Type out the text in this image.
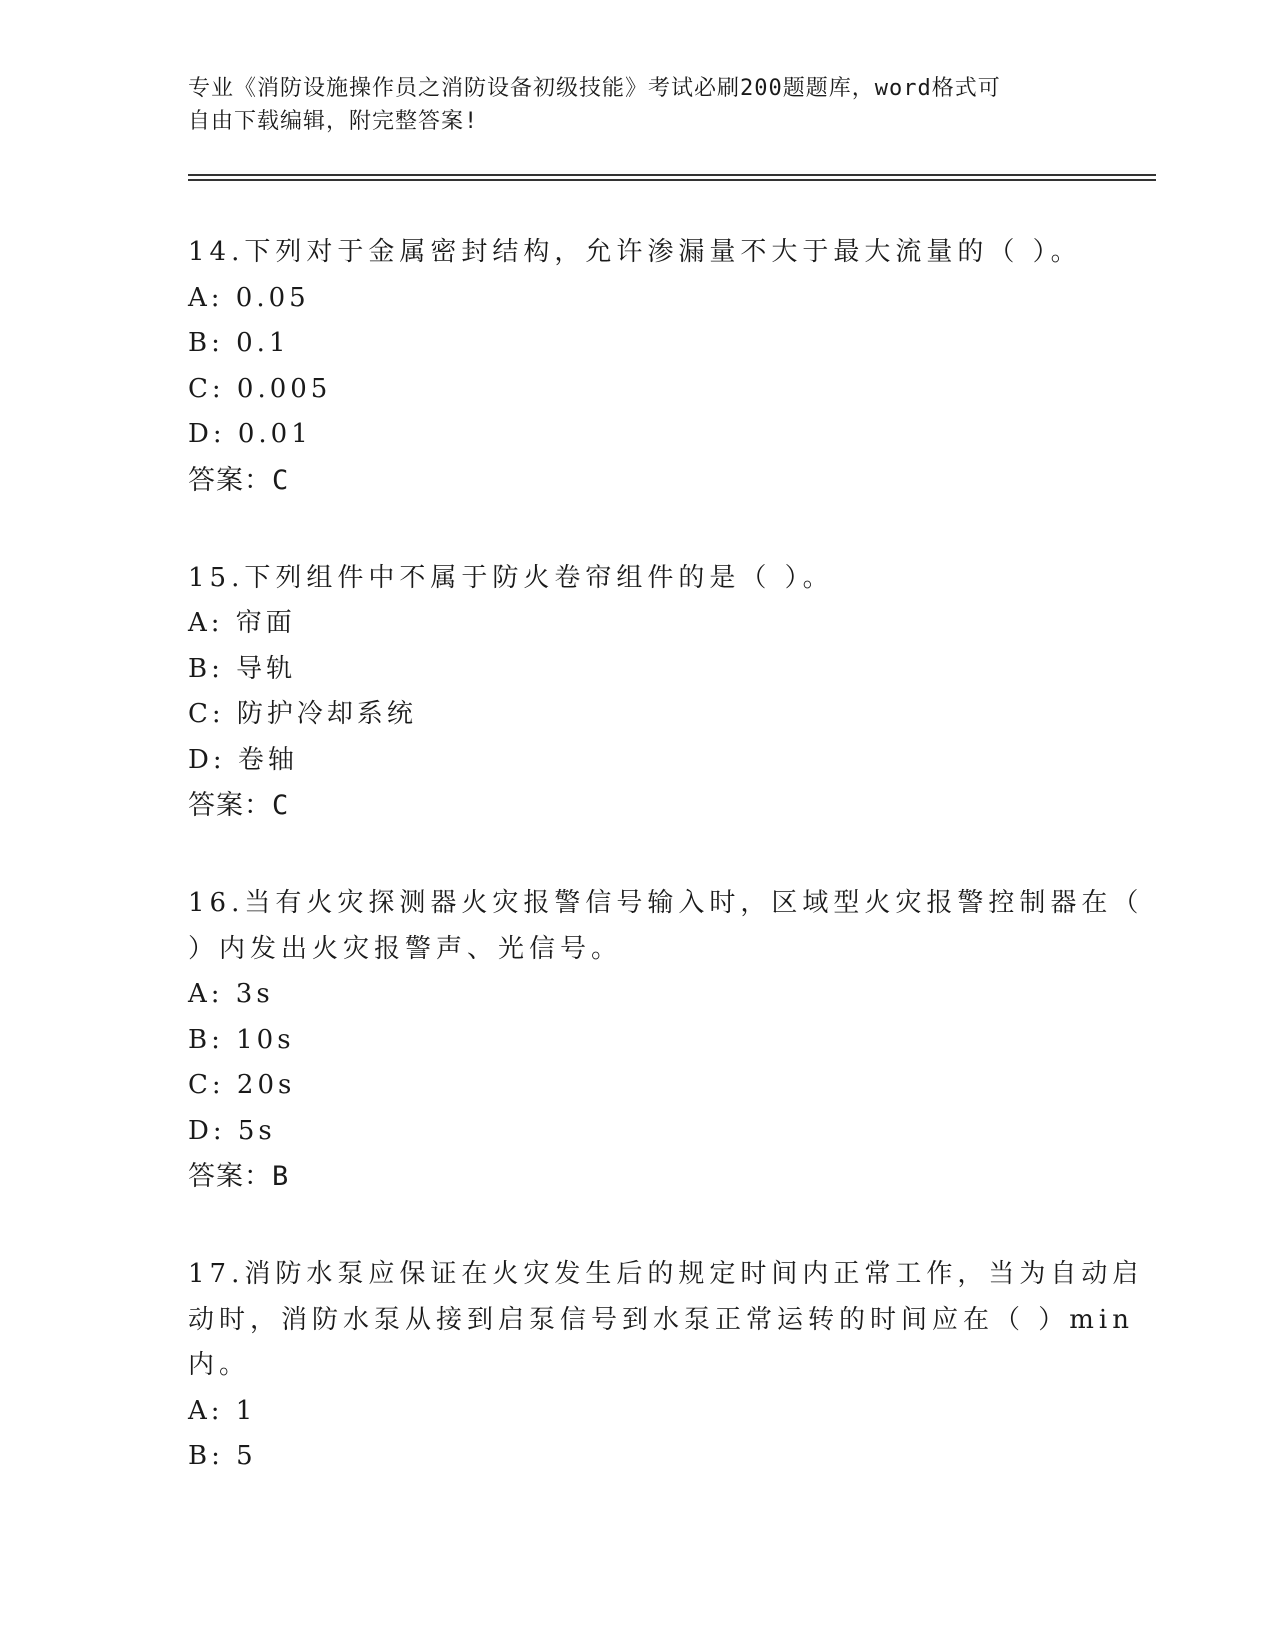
专业《消防设施操作员之消防设备初级技能》考试必刷200题题库，word格式可
自由下载编辑，附完整答案!
14.下列对于金属密封结构，允许渗漏量不大于最大流量的（ ）。
A: 0.05
B: 0.1
C: 0.005
D: 0.01
答案：C
15.下列组件中不属于防火卷帘组件的是（ ）。
A: 帘面
B: 导轨
C: 防护冷却系统
D: 卷轴
答案：C
16.当有火灾探测器火灾报警信号输入时，区域型火灾报警控制器在（
）内发出火灾报警声、光信号。
A: 3s
B: 10s
C: 20s
D: 5s
答案：B
17.消防水泵应保证在火灾发生后的规定时间内正常工作，当为自动启
动时，消防水泵从接到启泵信号到水泵正常运转的时间应在（ ）min
内。
A: 1
B: 5
